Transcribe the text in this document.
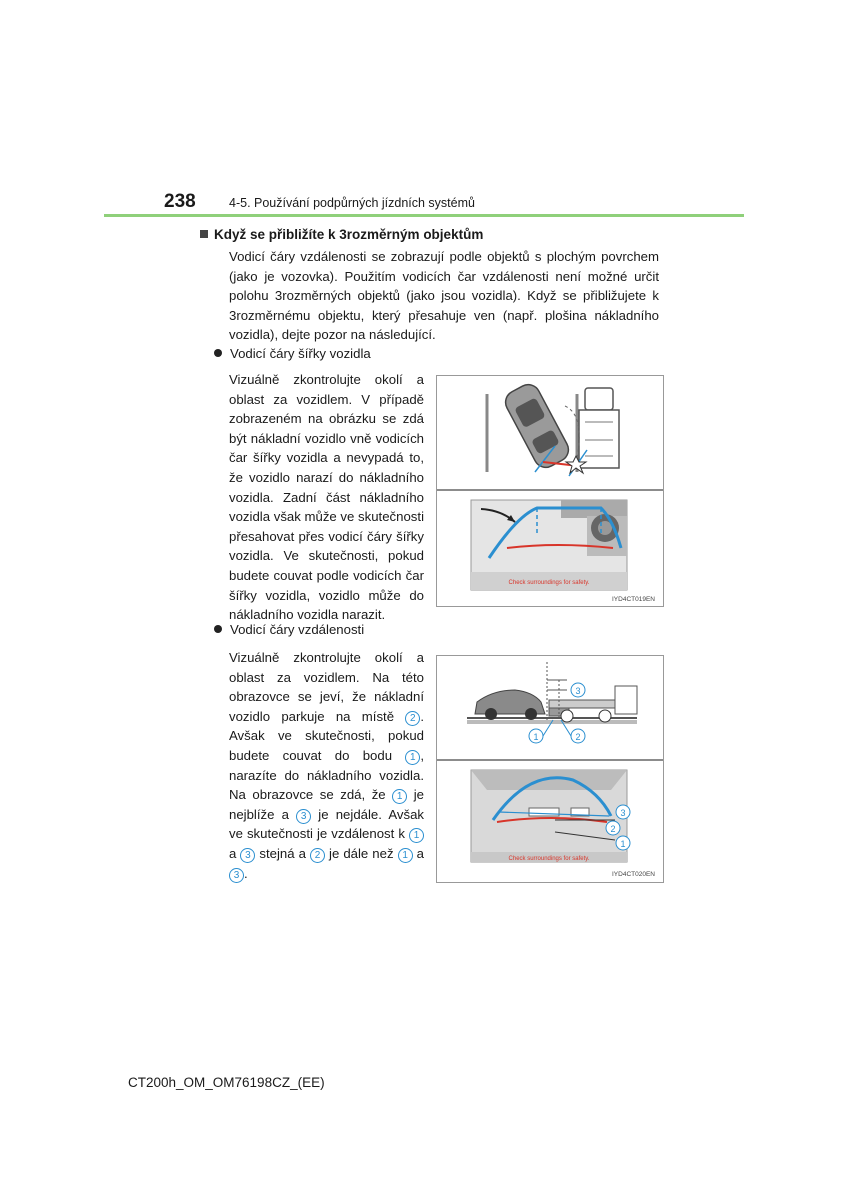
238	4-5. Používání podpůrných jízdních systémů
Když se přibližíte k 3rozměrným objektům

Vodicí čáry vzdálenosti se zobrazují podle objektů s plochým povrchem (jako je vozovka). Použitím vodicích čar vzdálenosti není možné určit polohu 3rozměrných objektů (jako jsou vozidla). Když se přibližujete k 3rozměrnému objektu, který přesahuje ven (např. plošina nákladního vozidla), dejte pozor na následující.

Vodicí čáry šířky vozidla

Vizuálně zkontrolujte okolí a oblast za vozidlem. V případě zobrazeném na obrázku se zdá být nákladní vozidlo vně vodicích čar šířky vozidla a nevypadá to, že vozidlo narazí do nákladního vozidla. Zadní část nákladního vozidla však může ve skutečnosti přesahovat přes vodicí čáry šířky vozidla. Ve skutečnosti, pokud budete couvat podle vodicích čar šířky vozidla, vozidlo může do nákladního vozidla narazit.

Check surroundings for safety.
IYD4CT019EN
Vodicí čáry vzdálenosti

Vizuálně zkontrolujte okolí a oblast za vozidlem. Na této obrazovce se jeví, že nákladní vozidlo parkuje na místě 2 . Avšak ve skutečnosti, pokud budete couvat do bodu 1 , narazíte do nákladního vozidla. Na obrazovce se zdá, že 1 je nejblíže a 3 je nejdále. Avšak ve skutečnosti je vzdálenost k 1 a 3 stejná a 2 je dále než 1 a 3 .

3
1	2
3
2
1
Check surroundings for safety.
IYD4CT020EN
CT200h_OM_OM76198CZ_(EE)
